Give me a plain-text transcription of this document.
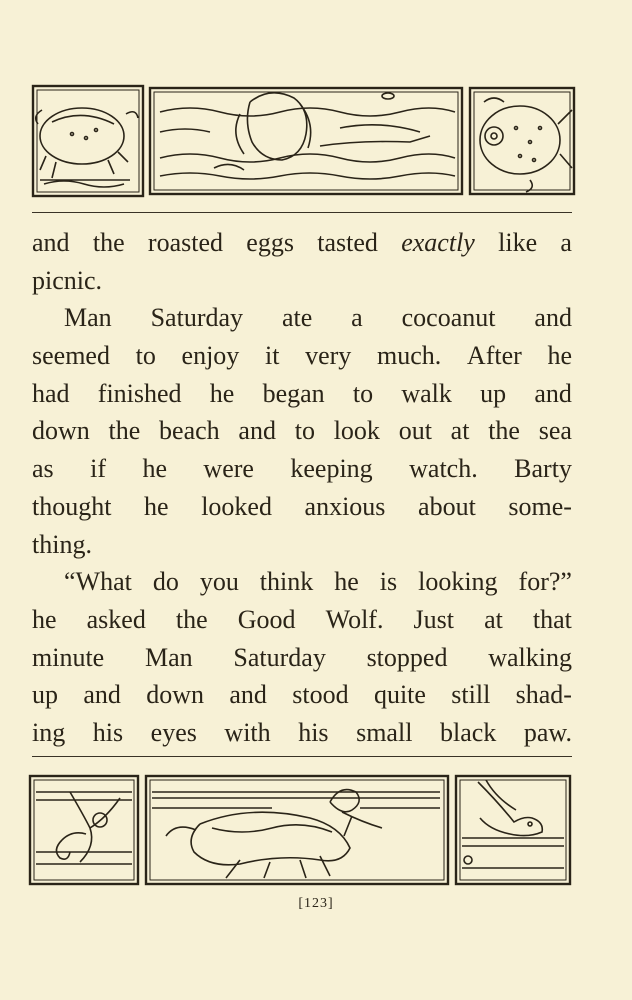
and the roasted eggs tasted exactly like a
picnic.
Man Saturday ate a cocoanut and
seemed to enjoy it very much. After he
had finished he began to walk up and
down the beach and to look out at the sea
as if he were keeping watch. Barty
thought he looked anxious about some-
thing.
“What do you think he is looking for?”
he asked the Good Wolf. Just at that
minute Man Saturday stopped walking
up and down and stood quite still shad-
ing his eyes with his small black paw.
[123]
